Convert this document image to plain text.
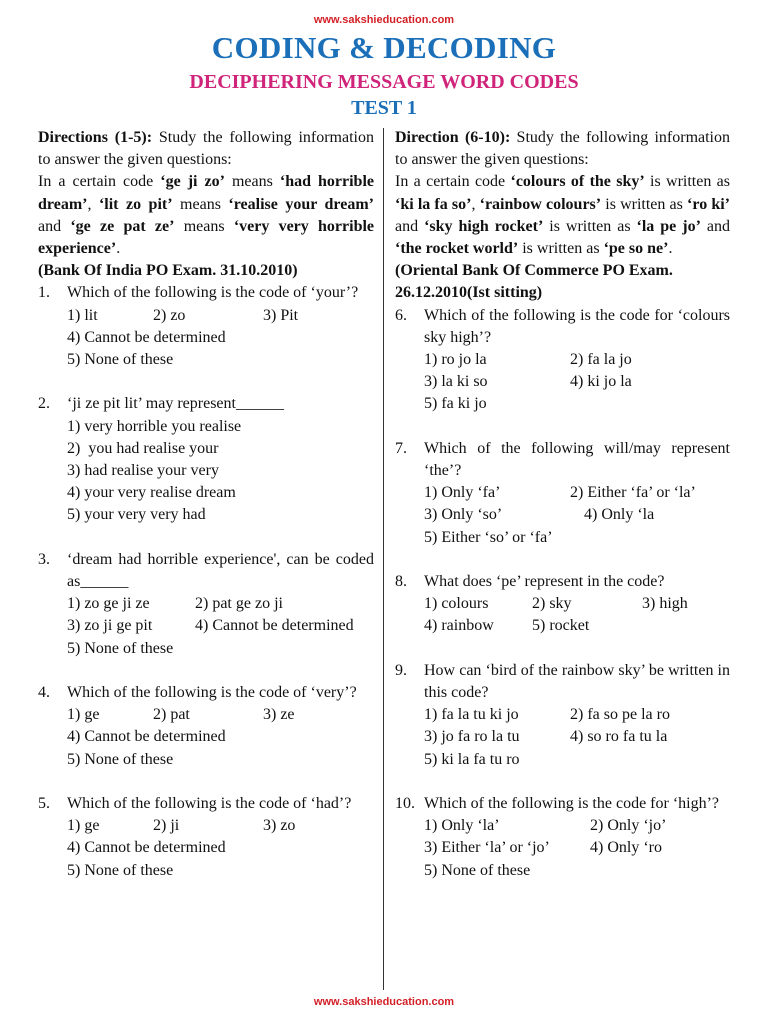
www.sakshieducation.com
CODING & DECODING
DECIPHERING MESSAGE WORD CODES
TEST 1
Directions (1-5): Study the following information to answer the given questions:
In a certain code ‘ge ji zo’ means ‘had horrible dream’, ‘lit zo pit’ means ‘realise your dream’ and ‘ge ze pat ze’ means ‘very very horrible experience’.
(Bank Of India PO Exam. 31.10.2010)
1. Which of the following is the code of ‘your’?
1) lit	2) zo	3) Pit
4) Cannot be determined
5) None of these
2. ‘ji ze pit lit’ may represent______
1) very horrible you realise
2)  you had realise your
3) had realise your very
4) your very realise dream
5) your very very had
3. ‘dream had horrible experience', can be coded as______
1) zo ge ji ze	2) pat ge zo ji
3) zo ji ge pit	4) Cannot be determined
5) None of these
4. Which of the following is the code of ‘very’?
1) ge	2) pat	3) ze
4) Cannot be determined
5) None of these
5. Which of the following is the code of ‘had’?
1) ge	2) ji	3) zo
4) Cannot be determined
5) None of these
Direction (6-10): Study the following information to answer the given questions:
In a certain code ‘colours of the sky’ is written as ‘ki la fa so’, ‘rainbow colours’ is written as ‘ro ki’ and ‘sky high rocket’ is written as ‘la pe jo’ and ‘the rocket world’ is written as ‘pe so ne’.
(Oriental Bank Of Commerce PO Exam. 26.12.2010(Ist sitting)
6. Which of the following is the code for ‘colours sky high’?
1) ro jo la	2) fa la jo
3) la ki so	4) ki jo la
5) fa ki jo
7. Which of the following will/may represent ‘the’?
1) Only ‘fa’	2) Either ‘fa’ or ‘la’
3) Only ‘so’	4) Only ‘la
5) Either ‘so’ or ‘fa’
8. What does ‘pe’ represent in the code?
1) colours	2) sky	3) high
4) rainbow	5) rocket
9. How can ‘bird of the rainbow sky’ be written in this code?
1) fa la tu ki jo	2) fa so pe la ro
3) jo fa ro la tu	4) so ro fa tu la
5) ki la fa tu ro
10. Which of the following is the code for ‘high’?
1) Only ‘la’	2) Only ‘jo’
3) Either ‘la’ or ‘jo’	4) Only ‘ro
5) None of these
www.sakshieducation.com
